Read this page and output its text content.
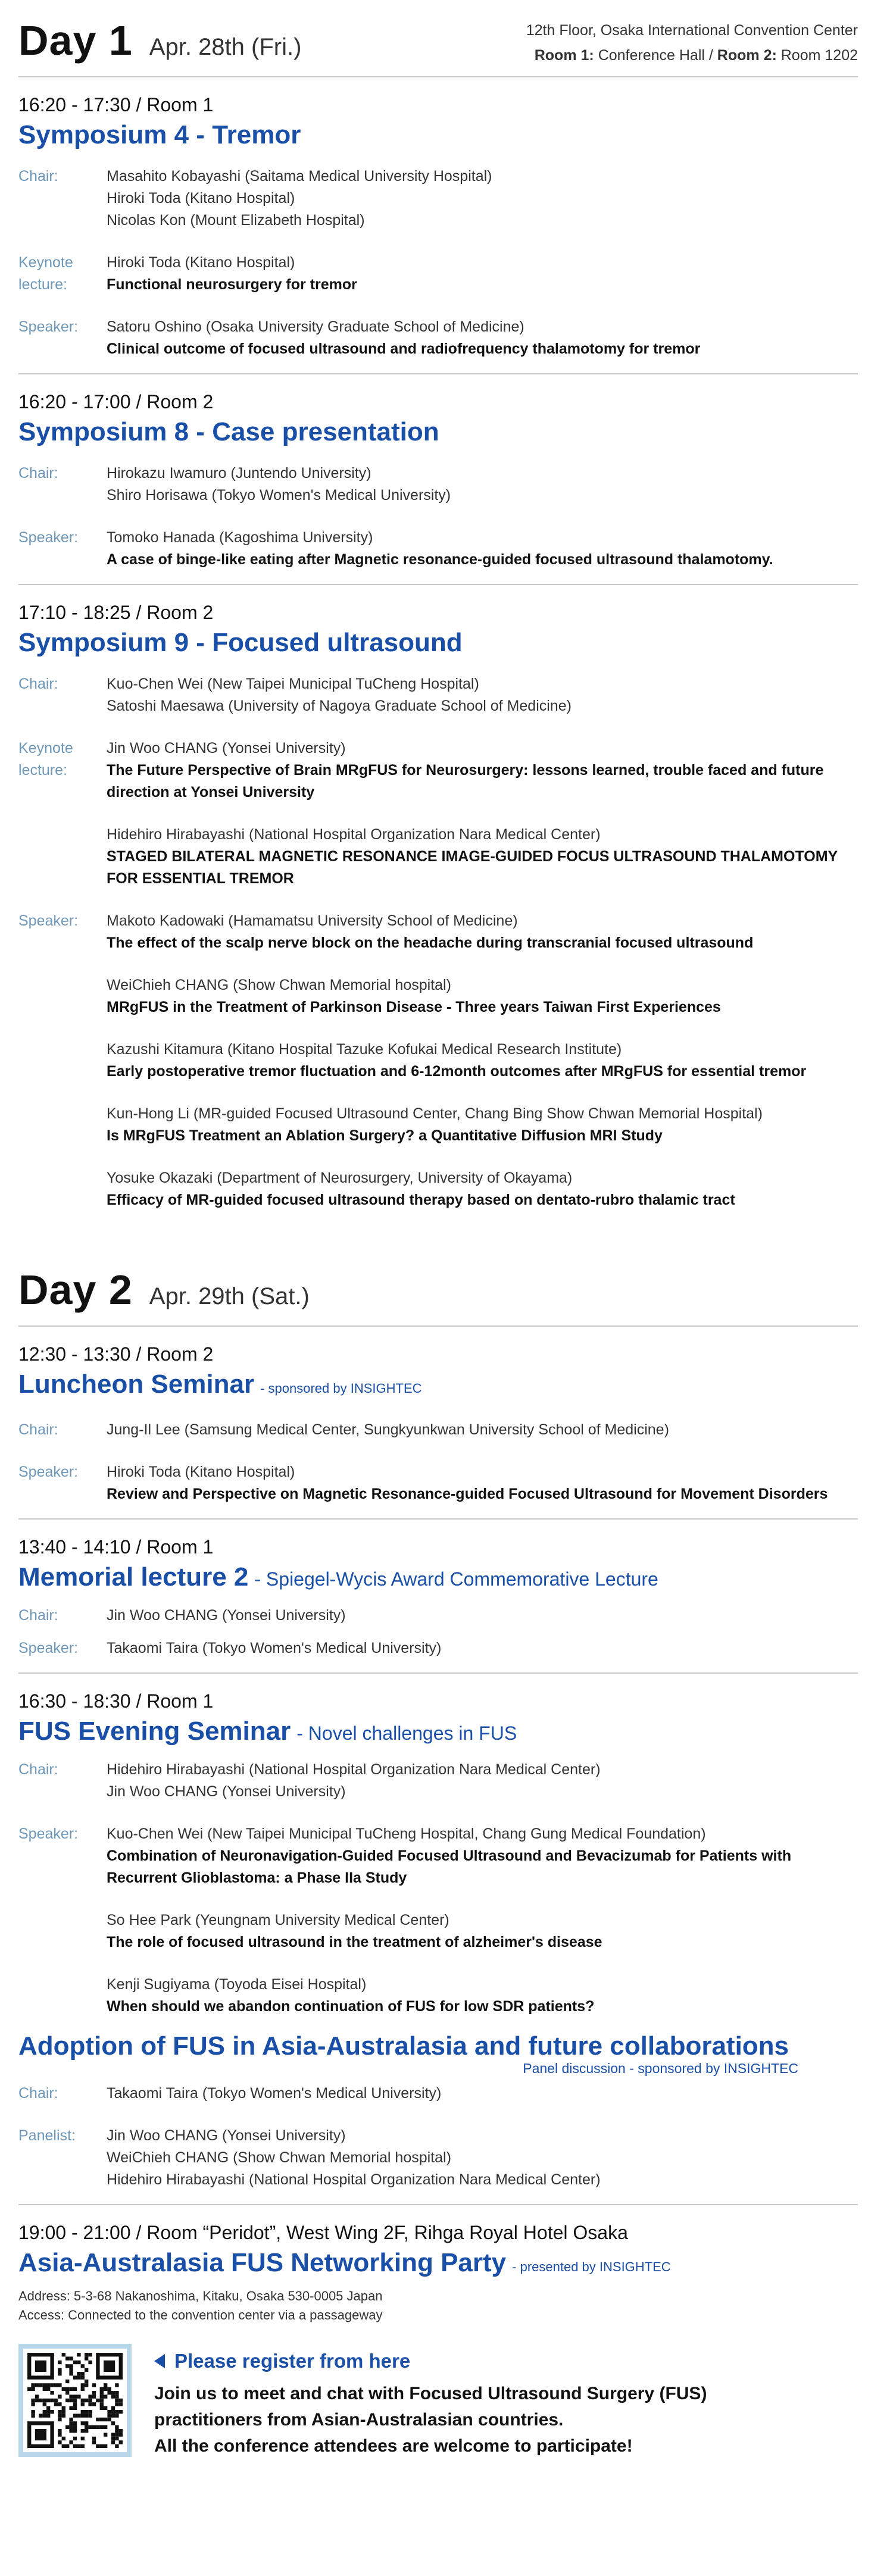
Day 1 Apr. 28th (Fri.)
12th Floor, Osaka International Convention Center
Room 1: Conference Hall / Room 2: Room 1202
16:20 - 17:30 / Room 1
Symposium 4 - Tremor
Chair:	Masahito Kobayashi (Saitama Medical University Hospital)
Hiroki Toda (Kitano Hospital)
Nicolas Kon (Mount Elizabeth Hospital)
Keynote lecture:
Hiroki Toda (Kitano Hospital)
Functional neurosurgery for tremor
Speaker:	Satoru Oshino (Osaka University Graduate School of Medicine)
Clinical outcome of focused ultrasound and radiofrequency thalamotomy for tremor
16:20 - 17:00 / Room 2
Symposium 8 - Case presentation
Chair:	Hirokazu Iwamuro (Juntendo University)
Shiro Horisawa (Tokyo Women's Medical University)
Speaker:	Tomoko Hanada (Kagoshima University)
A case of binge-like eating after Magnetic resonance-guided focused ultrasound thalamotomy.
17:10 - 18:25 / Room 2
Symposium 9 - Focused ultrasound
Chair:	Kuo-Chen Wei (New Taipei Municipal TuCheng Hospital)
Satoshi Maesawa (University of Nagoya Graduate School of Medicine)
Keynote lecture:
Jin Woo CHANG (Yonsei University)
The Future Perspective of Brain MRgFUS for Neurosurgery: lessons learned, trouble faced and future direction at Yonsei University
Hidehiro Hirabayashi (National Hospital Organization Nara Medical Center)
STAGED BILATERAL MAGNETIC RESONANCE IMAGE-GUIDED FOCUS ULTRASOUND THALAMOTOMY FOR ESSENTIAL TREMOR
Speaker:	Makoto Kadowaki (Hamamatsu University School of Medicine)
The effect of the scalp nerve block on the headache during transcranial focused ultrasound
WeiChieh CHANG (Show Chwan Memorial hospital)
MRgFUS in the Treatment of Parkinson Disease - Three years Taiwan First Experiences
Kazushi Kitamura (Kitano Hospital Tazuke Kofukai Medical Research Institute)
Early postoperative tremor fluctuation and 6-12month outcomes after MRgFUS for essential tremor
Kun-Hong Li (MR-guided Focused Ultrasound Center, Chang Bing Show Chwan Memorial Hospital)
Is MRgFUS Treatment an Ablation Surgery? a Quantitative Diffusion MRI Study
Yosuke Okazaki (Department of Neurosurgery, University of Okayama)
Efficacy of MR-guided focused ultrasound therapy based on dentato-rubro thalamic tract
Day 2 Apr. 29th (Sat.)
12:30 - 13:30 / Room 2
Luncheon Seminar - sponsored by INSIGHTEC
Chair:	Jung-Il Lee (Samsung Medical Center, Sungkyunkwan University School of Medicine)
Speaker:	Hiroki Toda (Kitano Hospital)
Review and Perspective on Magnetic Resonance-guided Focused Ultrasound for Movement Disorders
13:40 - 14:10 / Room 1
Memorial lecture 2 - Spiegel-Wycis Award Commemorative Lecture
Chair:	Jin Woo CHANG (Yonsei University)
Speaker:	Takaomi Taira (Tokyo Women's Medical University)
16:30 - 18:30 / Room 1
FUS Evening Seminar - Novel challenges in FUS
Chair:	Hidehiro Hirabayashi (National Hospital Organization Nara Medical Center)
Jin Woo CHANG (Yonsei University)
Speaker:	Kuo-Chen Wei (New Taipei Municipal TuCheng Hospital, Chang Gung Medical Foundation)
Combination of Neuronavigation-Guided Focused Ultrasound and Bevacizumab for Patients with Recurrent Glioblastoma: a Phase IIa Study
So Hee Park (Yeungnam University Medical Center)
The role of focused ultrasound in the treatment of alzheimer's disease
Kenji Sugiyama (Toyoda Eisei Hospital)
When should we abandon continuation of FUS for low SDR patients?
Adoption of FUS in Asia-Australasia and future collaborations
Panel discussion - sponsored by INSIGHTEC
Chair:	Takaomi Taira (Tokyo Women's Medical University)
Panelist:	Jin Woo CHANG (Yonsei University)
WeiChieh CHANG (Show Chwan Memorial hospital)
Hidehiro Hirabayashi (National Hospital Organization Nara Medical Center)
19:00 - 21:00 / Room “Peridot”, West Wing 2F, Rihga Royal Hotel Osaka
Asia-Australasia FUS Networking Party - presented by INSIGHTEC
Address: 5-3-68 Nakanoshima, Kitaku, Osaka 530-0005 Japan
Access: Connected to the convention center via a passageway
Please register from here
Join us to meet and chat with Focused Ultrasound Surgery (FUS)
practitioners from Asian-Australasian countries.
All the conference attendees are welcome to participate!
